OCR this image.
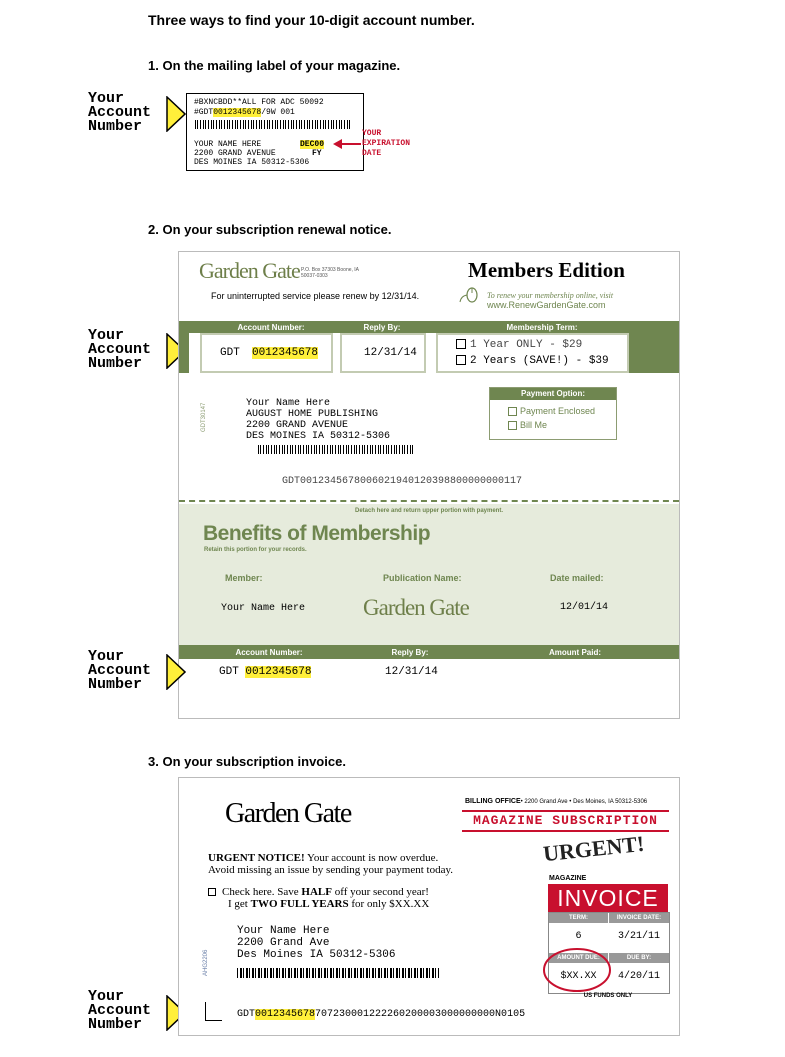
Three ways to find your 10-digit account number.
1. On the mailing label of your magazine.
2. On your subscription renewal notice.
3. On your subscription invoice.
Your
Account
Number
#BXNCBDD**ALL FOR ADC 50092
#GDT0012345678/9W 001
YOUR NAME HERE
2200 GRAND AVENUE
DES MOINES IA 50312-5306
DEC00
FY
YOUR
EXPIRATION
DATE
Your
Account
Number
Garden Gate P.O. Box 37303 Boone, IA
50037-0303	Members Edition
For uninterrupted service please renew by 12/31/14.	To renew your membership online, visit
www.RenewGardenGate.com
Account Number:	Reply By:	Membership Term:
GDT 0012345678	12/31/14
1 Year ONLY - $29
2 Years (SAVE!) - $39
Payment Option:
Payment Enclosed
Bill Me
GDT30147	Your Name Here
AUGUST HOME PUBLISHING
2200 GRAND AVENUE
DES MOINES IA 50312-5306
GDT0012345678006021940120398800000000117
Detach here and return upper portion with payment.
Benefits of Membership
Retain this portion for your records.
Member:	Publication Name:	Date mailed:
Your Name Here	Garden Gate	12/01/14
Account Number:	Reply By:	Amount Paid:
GDT 0012345678	12/31/14
Your
Account
Number
Your
Account
Number
Garden Gate	BILLING OFFICE• 2200 Grand Ave • Des Moines, IA 50312-5306
MAGAZINE SUBSCRIPTION
URGENT!
MAGAZINE
INVOICE
TERM:	INVOICE DATE:
6	3/21/11
AMOUNT DUE:	DUE BY:
$XX.XX	4/20/11
US FUNDS ONLY
URGENT NOTICE! Your account is now overdue.
Avoid missing an issue by sending your payment today.
Check here. Save HALF off your second year!
I get TWO FULL YEARS for only $XX.XX
Your Name Here
2200 Grand Ave
Des Moines IA 50312-5306
AHG2206
GDT0012345678707230001222260200003000000000N0105
